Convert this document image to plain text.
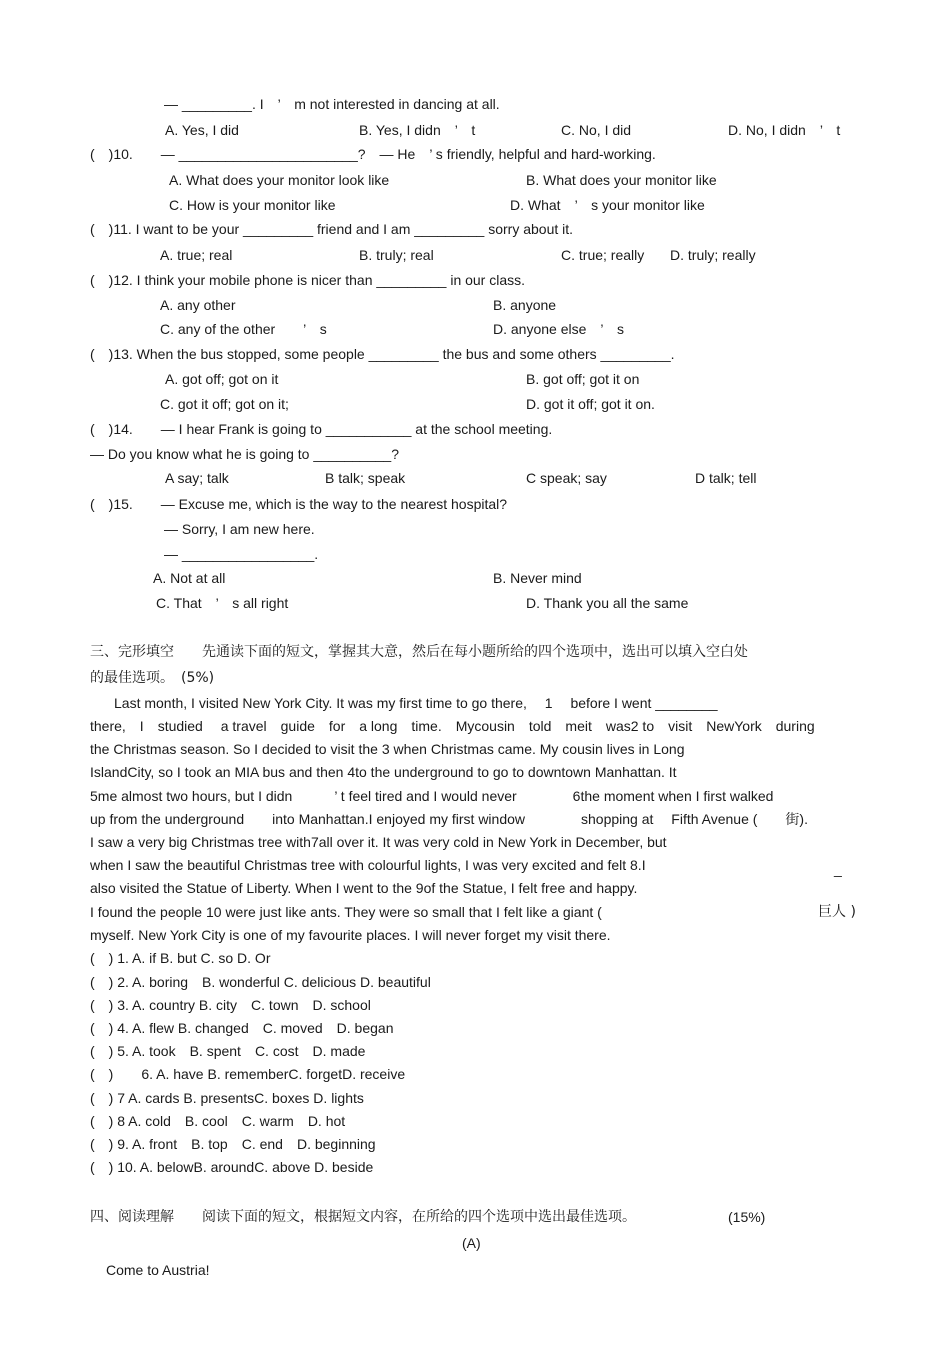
— _________. I　’　m not interested in dancing at all.
A. Yes, I did	B. Yes, I didn　’　t	C. No, I did	D. No, I didn　’　t
(　)10.　　— _______________________?　— He　’ s friendly, helpful and hard-working.
A. What does your monitor look like	B. What does your monitor like
C. How is your monitor like	D. What　’　s your monitor like
(　)11. I want to be your _________ friend and I am _________ sorry about it.
A. true; real	B. truly; real	C. true; really D. truly; really
(　)12. I think your mobile phone is nicer than _________ in our class.
A. any other	B. anyone
C. any of the other　　’　s	D. anyone else　’　s
(　)13. When the bus stopped, some people _________ the bus and some others _________.
A. got off; got on it	B. got off; got it on
C. got it off; got on it;	D. got it off; got it on.
(　)14.　　— I hear Frank is going to ___________ at the school meeting.
— Do you know what he is going to __________?
A say; talk	B talk; speak	C speak; say	D talk; tell
(　)15.　　— Excuse me, which is the way to the nearest hospital?
— Sorry, I am new here.
— _________________.
A. Not at all	B. Never mind
C. That　’　s all right	D. Thank you all the same
三、完形填空　　先通读下面的短文，掌握其大意，然后在每小题所给的四个选项中，选出可以填入空白处
的最佳选项。　(5%)
Last month, I visited New York City. It was my first time to go there,　 1　 before I went ________
there,　I　studied　 a travel　guide　for　a long　time.　Mycousin　told　meit　was2 to　visit　NewYork　during
the Christmas season. So I decided to visit the 3 when Christmas came. My cousin lives in Long
IslandCity, so I took an MIA bus and then 4to the underground to go to downtown Manhattan. It
5me almost two hours, but I didn　　　’ t feel tired and I would never　　　　6the moment when I first walked
up from the underground　　into Manhattan.I enjoyed my first window　　　　shopping at　 Fifth Avenue (　　街).
I saw a very big Christmas tree with7all over it. It was very cold in New York in December, but
when I saw the beautiful Christmas tree with colourful lights, I was very excited and felt 8.I	_
also visited the Statue of Liberty. When I went to the 9of the Statue, I felt free and happy.
I found the people 10 were just like ants. They were so small that I felt like a giant (	巨人 )
myself. New York City is one of my favourite places. I will never forget my visit there.
(　) 1. A. if B. but C. so D. Or
(　) 2. A. boring　B. wonderful C. delicious D. beautiful
(　) 3. A. country B. city　C. town　D. school
(　) 4. A. flew B. changed　C. moved　D. began
(　) 5. A. took　B. spent　C. cost　D. made
(　)　　6. A. have B. rememberC. forgetD. receive
(　) 7 A. cards B. presentsC. boxes D. lights
(　) 8 A. cold　B. cool　C. warm　D. hot
(　) 9. A. front　B. top　C. end　D. beginning
(　) 10. A. belowB. aroundC. above D. beside
四、阅读理解　　阅读下面的短文，根据短文内容，在所给的四个选项中选出最佳选项。	(15%)
(A)
Come to Austria!
